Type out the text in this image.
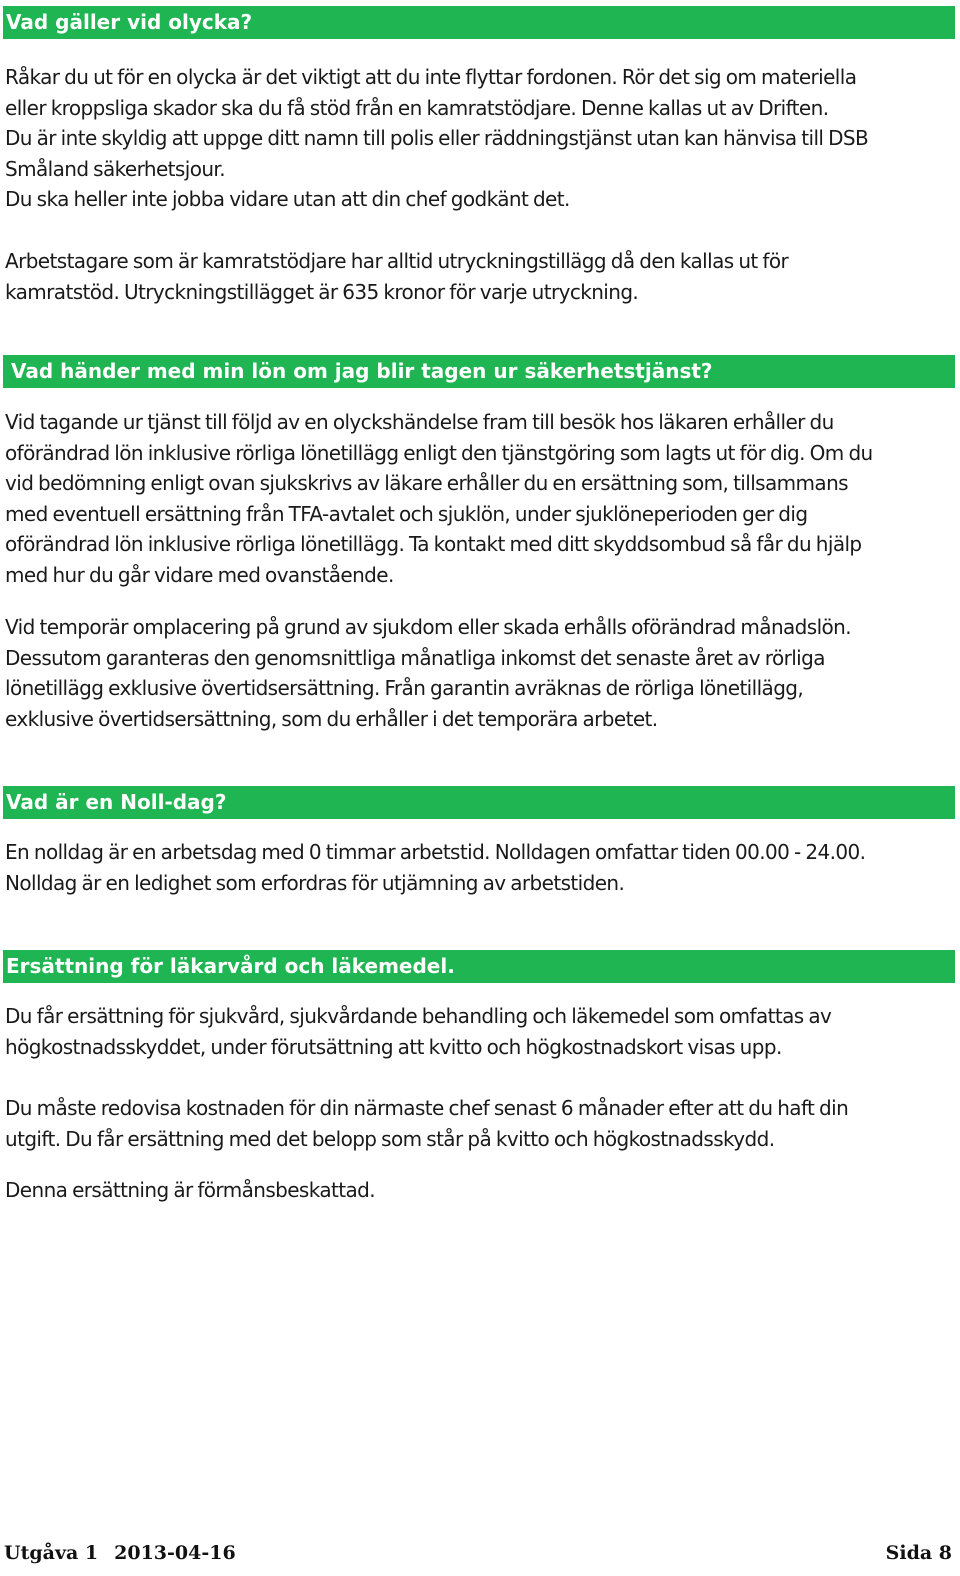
Vad gäller vid olycka?

Råkar du ut för en olycka är det viktigt att du inte flyttar fordonen. Rör det sig om materiella
eller kroppsliga skador ska du få stöd från en kamratstödjare. Denne kallas ut av Driften.
Du är inte skyldig att uppge ditt namn till polis eller räddningstjänst utan kan hänvisa till DSB
Småland säkerhetsjour.
Du ska heller inte jobba vidare utan att din chef godkänt det.

Arbetstagare som är kamratstödjare har alltid utryckningstillägg då den kallas ut för
kamratstöd. Utryckningstillägget är 635 kronor för varje utryckning.

Vad händer med min lön om jag blir tagen ur säkerhetstjänst?

Vid tagande ur tjänst till följd av en olyckshändelse fram till besök hos läkaren erhåller du
oförändrad lön inklusive rörliga lönetillägg enligt den tjänstgöring som lagts ut för dig. Om du
vid bedömning enligt ovan sjukskrivs av läkare erhåller du en ersättning som, tillsammans
med eventuell ersättning från TFA-avtalet och sjuklön, under sjuklöneperioden ger dig
oförändrad lön inklusive rörliga lönetillägg. Ta kontakt med ditt skyddsombud så får du hjälp
med hur du går vidare med ovanstående.

Vid temporär omplacering på grund av sjukdom eller skada erhålls oförändrad månadslön.
Dessutom garanteras den genomsnittliga månatliga inkomst det senaste året av rörliga
lönetillägg exklusive övertidsersättning. Från garantin avräknas de rörliga lönetillägg,
exklusive övertidsersättning, som du erhåller i det temporära arbetet.

Vad är en Noll-dag?

En nolldag är en arbetsdag med 0 timmar arbetstid. Nolldagen omfattar tiden 00.00 - 24.00.
Nolldag är en ledighet som erfordras för utjämning av arbetstiden.

Ersättning för läkarvård och läkemedel.

Du får ersättning för sjukvård, sjukvårdande behandling och läkemedel som omfattas av
högkostnadsskyddet, under förutsättning att kvitto och högkostnadskort visas upp.

Du måste redovisa kostnaden för din närmaste chef senast 6 månader efter att du haft din
utgift. Du får ersättning med det belopp som står på kvitto och högkostnadsskydd.

Denna ersättning är förmånsbeskattad.

Utgåva 1 2013-04-16	Sida 8
